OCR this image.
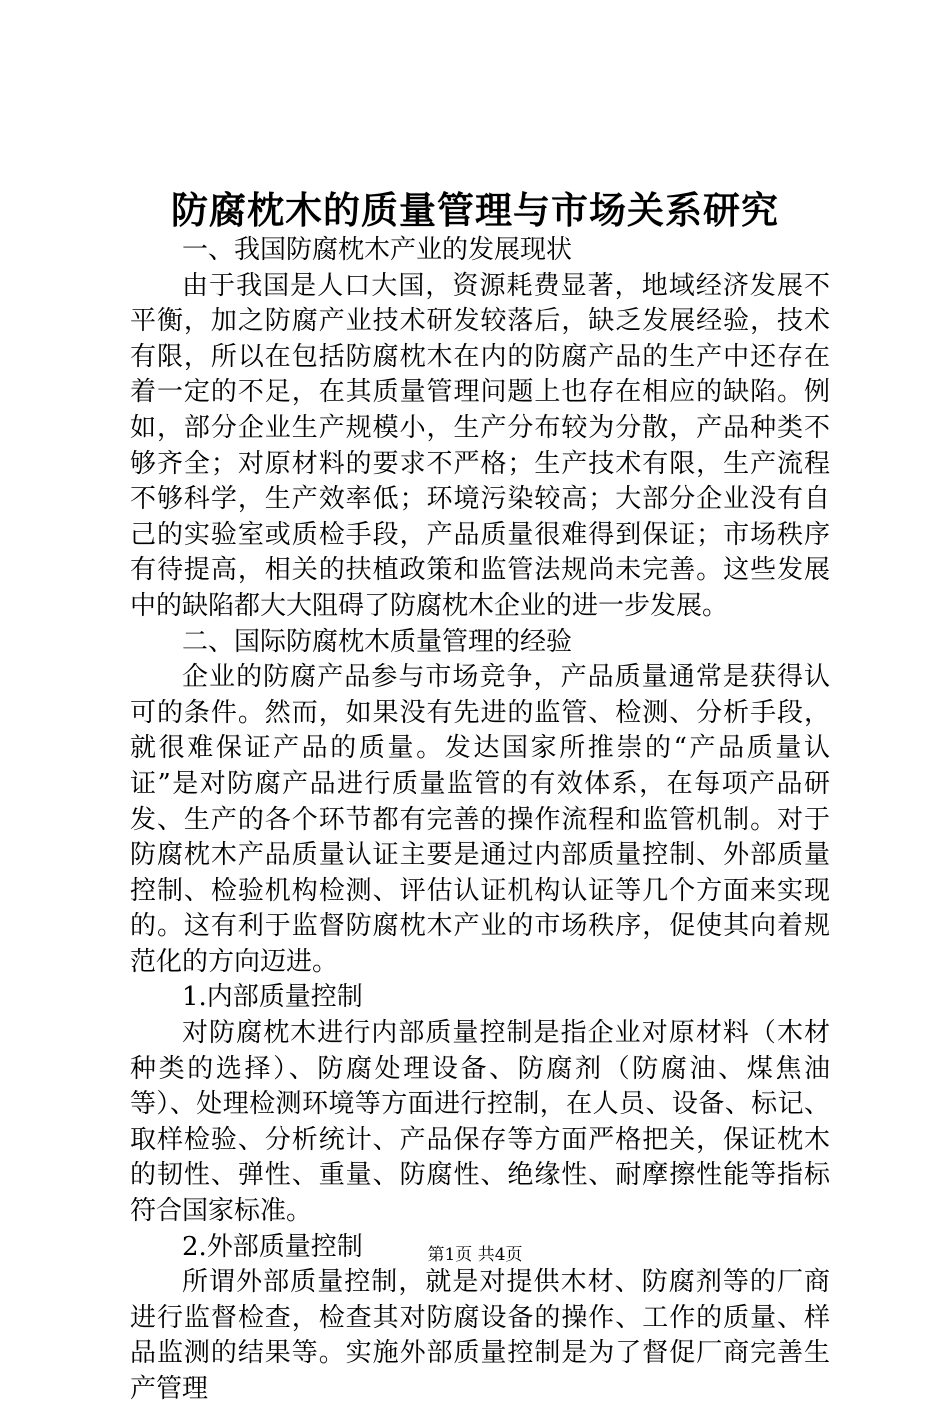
防腐枕木的质量管理与市场关系研究

一、我国防腐枕木产业的发展现状

由于我国是人口大国，资源耗费显著，地域经济发展不平衡，加之防腐产业技术研发较落后，缺乏发展经验，技术有限，所以在包括防腐枕木在内的防腐产品的生产中还存在着一定的不足，在其质量管理问题上也存在相应的缺陷。例如，部分企业生产规模小，生产分布较为分散，产品种类不够齐全；对原材料的要求不严格；生产技术有限，生产流程不够科学，生产效率低；环境污染较高；大部分企业没有自己的实验室或质检手段，产品质量很难得到保证；市场秩序有待提高，相关的扶植政策和监管法规尚未完善。这些发展中的缺陷都大大阻碍了防腐枕木企业的进一步发展。

二、国际防腐枕木质量管理的经验

企业的防腐产品参与市场竞争，产品质量通常是获得认可的条件。然而，如果没有先进的监管、检测、分析手段，就很难保证产品的质量。发达国家所推崇的“产品质量认证”是对防腐产品进行质量监管的有效体系，在每项产品研发、生产的各个环节都有完善的操作流程和监管机制。对于防腐枕木产品质量认证主要是通过内部质量控制、外部质量控制、检验机构检测、评估认证机构认证等几个方面来实现的。这有利于监督防腐枕木产业的市场秩序，促使其向着规范化的方向迈进。

1.内部质量控制

对防腐枕木进行内部质量控制是指企业对原材料（木材种类的选择）、防腐处理设备、防腐剂（防腐油、煤焦油等）、处理检测环境等方面进行控制，在人员、设备、标记、取样检验、分析统计、产品保存等方面严格把关，保证枕木的韧性、弹性、重量、防腐性、绝缘性、耐摩擦性能等指标符合国家标准。

2.外部质量控制

所谓外部质量控制，就是对提供木材、防腐剂等的厂商进行监督检查，检查其对防腐设备的操作、工作的质量、样品监测的结果等。实施外部质量控制是为了督促厂商完善生产管理

第1页 共4页
